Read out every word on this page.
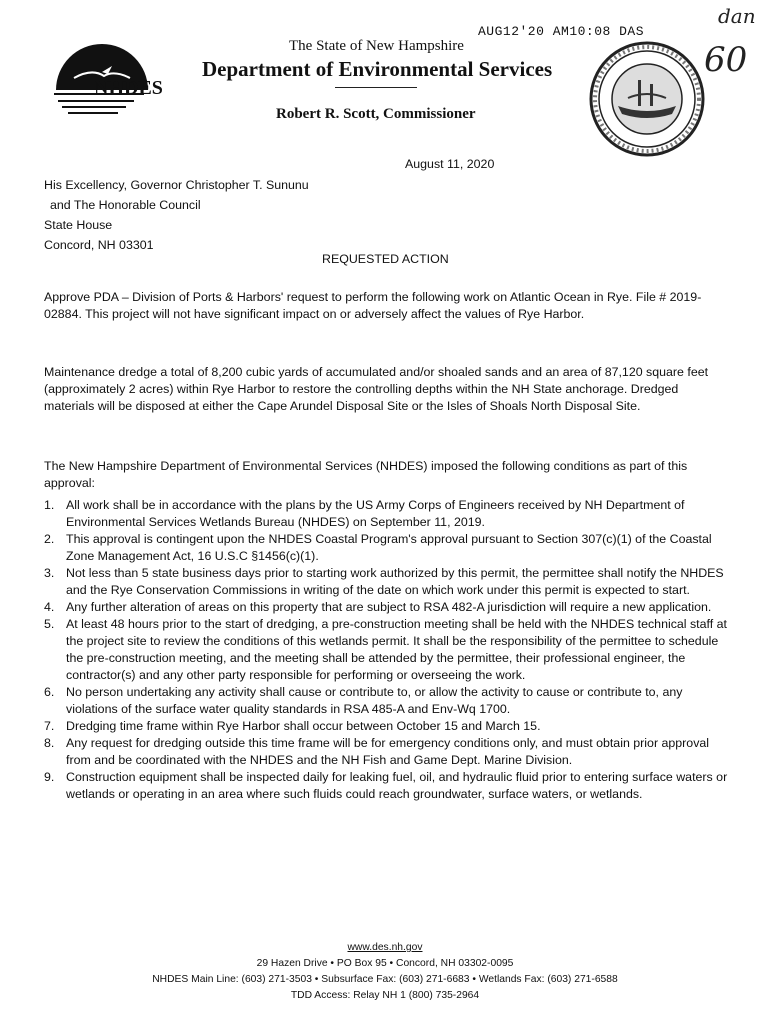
NHDES
AUG12'20 AM10:08 DAS
dan
60
The State of New Hampshire
Department of Environmental Services
Robert R. Scott, Commissioner
August 11, 2020
His Excellency, Governor Christopher T. Sununu
and The Honorable Council
State House
Concord, NH 03301
REQUESTED ACTION
Approve PDA – Division of Ports & Harbors' request to perform the following work on Atlantic Ocean in Rye. File # 2019-02884. This project will not have significant impact on or adversely affect the values of Rye Harbor.
Maintenance dredge a total of 8,200 cubic yards of accumulated and/or shoaled sands and an area of 87,120 square feet (approximately 2 acres) within Rye Harbor to restore the controlling depths within the NH State anchorage. Dredged materials will be disposed at either the Cape Arundel Disposal Site or the Isles of Shoals North Disposal Site.
The New Hampshire Department of Environmental Services (NHDES) imposed the following conditions as part of this approval:
1. All work shall be in accordance with the plans by the US Army Corps of Engineers received by NH Department of Environmental Services Wetlands Bureau (NHDES) on September 11, 2019.
2. This approval is contingent upon the NHDES Coastal Program's approval pursuant to Section 307(c)(1) of the Coastal Zone Management Act, 16 U.S.C §1456(c)(1).
3. Not less than 5 state business days prior to starting work authorized by this permit, the permittee shall notify the NHDES and the Rye Conservation Commissions in writing of the date on which work under this permit is expected to start.
4. Any further alteration of areas on this property that are subject to RSA 482-A jurisdiction will require a new application.
5. At least 48 hours prior to the start of dredging, a pre-construction meeting shall be held with the NHDES technical staff at the project site to review the conditions of this wetlands permit. It shall be the responsibility of the permittee to schedule the pre-construction meeting, and the meeting shall be attended by the permittee, their professional engineer, the contractor(s) and any other party responsible for performing or overseeing the work.
6. No person undertaking any activity shall cause or contribute to, or allow the activity to cause or contribute to, any violations of the surface water quality standards in RSA 485-A and Env-Wq 1700.
7. Dredging time frame within Rye Harbor shall occur between October 15 and March 15.
8. Any request for dredging outside this time frame will be for emergency conditions only, and must obtain prior approval from and be coordinated with the NHDES and the NH Fish and Game Dept. Marine Division.
9. Construction equipment shall be inspected daily for leaking fuel, oil, and hydraulic fluid prior to entering surface waters or wetlands or operating in an area where such fluids could reach groundwater, surface waters, or wetlands.
www.des.nh.gov
29 Hazen Drive • PO Box 95 • Concord, NH 03302-0095
NHDES Main Line: (603) 271-3503 • Subsurface Fax: (603) 271-6683 • Wetlands Fax: (603) 271-6588
TDD Access: Relay NH 1 (800) 735-2964
